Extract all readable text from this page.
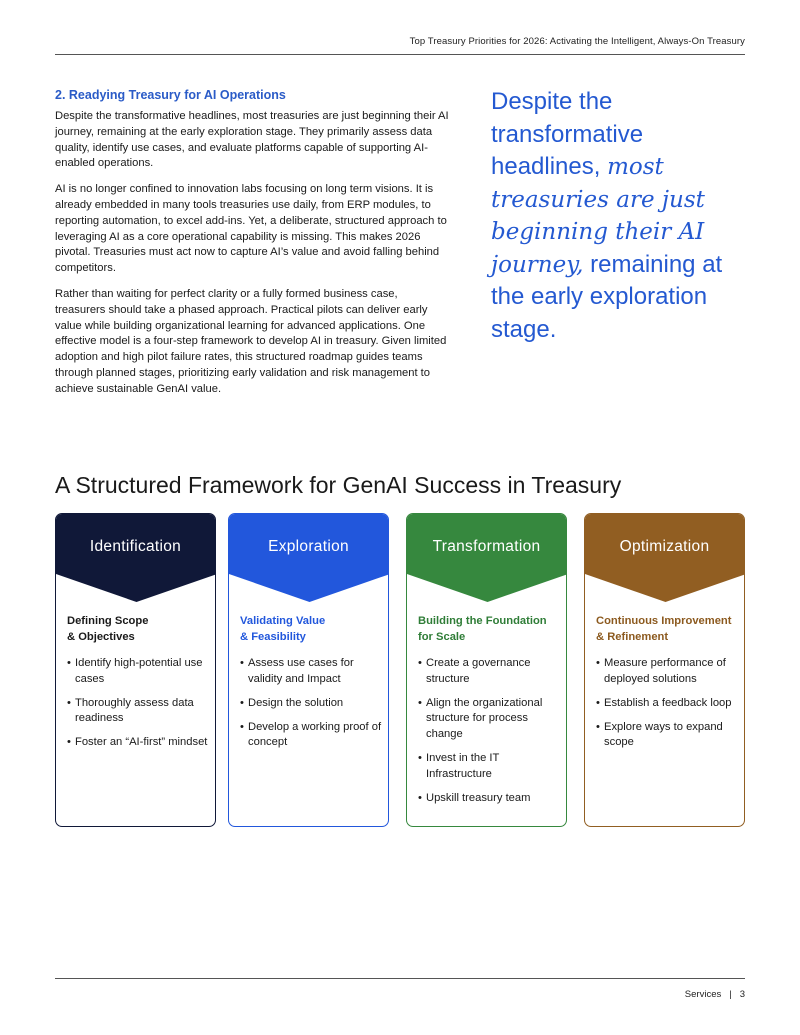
Top Treasury Priorities for 2026: Activating the Intelligent, Always-On Treasury
2. Readying Treasury for AI Operations

Despite the transformative headlines, most treasuries are just beginning their AI journey, remaining at the early exploration stage. They primarily assess data quality, identify use cases, and evaluate platforms capable of supporting AI-enabled operations.

AI is no longer confined to innovation labs focusing on long term visions. It is already embedded in many tools treasuries use daily, from ERP modules, to reporting automation, to excel add-ins. Yet, a deliberate, structured approach to leveraging AI as a core operational capability is missing. This makes 2026 pivotal. Treasuries must act now to capture AI’s value and avoid falling behind competitors.

Rather than waiting for perfect clarity or a fully formed business case, treasurers should take a phased approach. Practical pilots can deliver early value while building organizational learning for advanced applications. One effective model is a four-step framework to develop AI in treasury. Given limited adoption and high pilot failure rates, this structured roadmap guides teams through planned stages, prioritizing early validation and risk management to achieve sustainable GenAI value.

Despite the transformative headlines, most treasuries are just beginning their AI journey, remaining at the early exploration stage.
A Structured Framework for GenAI Success in Treasury
Identification
Defining Scope
& Objectives
• Identify high-potential use cases
• Thoroughly assess data readiness
• Foster an “AI-first” mindset
Exploration
Validating Value
& Feasibility
• Assess use cases for validity and Impact
• Design the solution
• Develop a working proof of concept
Transformation
Building the Foundation
for Scale
• Create a governance structure
• Align the organizational structure for process change
• Invest in the IT Infrastructure
• Upskill treasury team
Optimization
Continuous Improvement
& Refinement
• Measure performance of deployed solutions
• Establish a feedback loop
• Explore ways to expand scope
Services | 3
